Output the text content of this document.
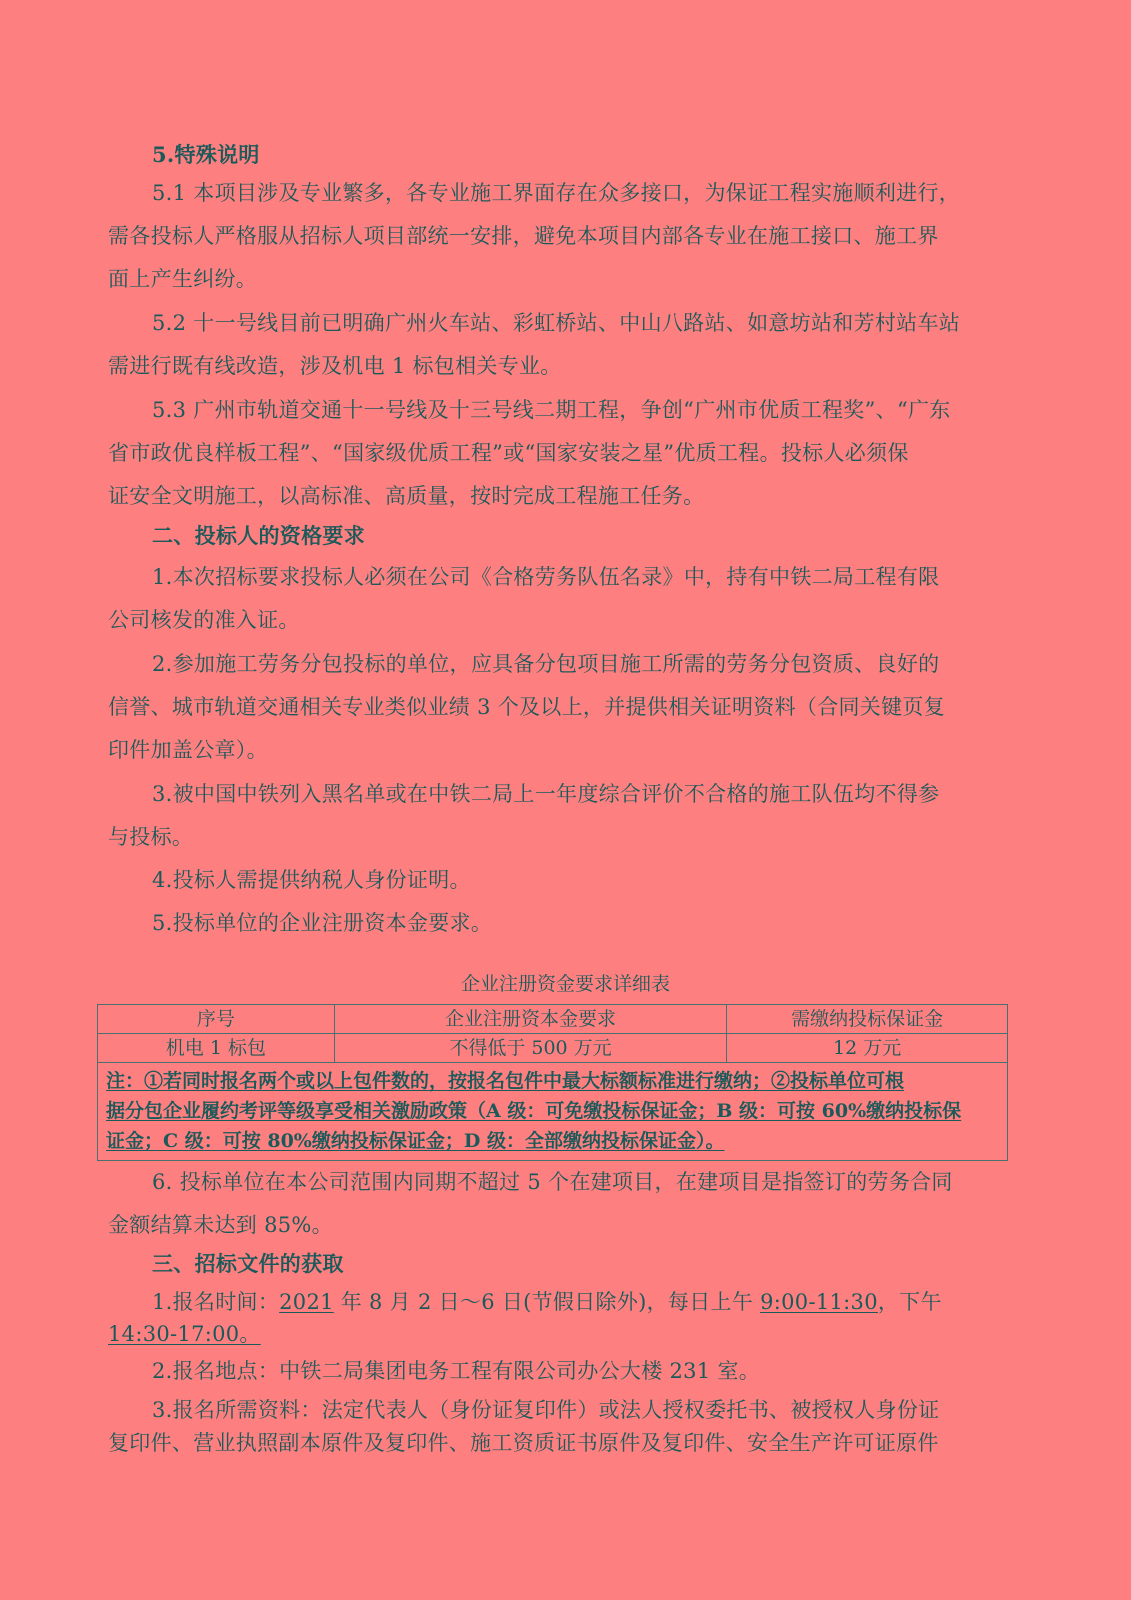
5.特殊说明
5.1 本项目涉及专业繁多，各专业施工界面存在众多接口，为保证工程实施顺利进行，
需各投标人严格服从招标人项目部统一安排，避免本项目内部各专业在施工接口、施工界
面上产生纠纷。
5.2 十一号线目前已明确广州火车站、彩虹桥站、中山八路站、如意坊站和芳村站车站
需进行既有线改造，涉及机电 1 标包相关专业。
5.3 广州市轨道交通十一号线及十三号线二期工程，争创“广州市优质工程奖”、“广东
省市政优良样板工程”、“国家级优质工程”或“国家安装之星”优质工程。投标人必须保
证安全文明施工，以高标准、高质量，按时完成工程施工任务。
二、投标人的资格要求
1.本次招标要求投标人必须在公司《合格劳务队伍名录》中，持有中铁二局工程有限
公司核发的准入证。
2.参加施工劳务分包投标的单位，应具备分包项目施工所需的劳务分包资质、良好的
信誉、城市轨道交通相关专业类似业绩 3 个及以上，并提供相关证明资料（合同关键页复
印件加盖公章）。
3.被中国中铁列入黑名单或在中铁二局上一年度综合评价不合格的施工队伍均不得参
与投标。
4.投标人需提供纳税人身份证明。
5.投标单位的企业注册资本金要求。
企业注册资金要求详细表
序号	企业注册资本金要求	需缴纳投标保证金
机电 1 标包	不得低于 500 万元	12 万元

注：①若同时报名两个或以上包件数的，按报名包件中最大标额标准进行缴纳；②投标单位可根
据分包企业履约考评等级享受相关激励政策（A 级：可免缴投标保证金；B 级：可按 60%缴纳投标保
证金；C 级：可按 80%缴纳投标保证金；D 级：全部缴纳投标保证金）。		
6. 投标单位在本公司范围内同期不超过 5 个在建项目，在建项目是指签订的劳务合同
金额结算未达到 85%。
三、招标文件的获取
1.报名时间：2021 年 8 月 2 日～6 日(节假日除外)，每日上午 9:00-11:30，下午
14:30-17:00。
2.报名地点：中铁二局集团电务工程有限公司办公大楼 231 室。
3.报名所需资料：法定代表人（身份证复印件）或法人授权委托书、被授权人身份证
复印件、营业执照副本原件及复印件、施工资质证书原件及复印件、安全生产许可证原件
